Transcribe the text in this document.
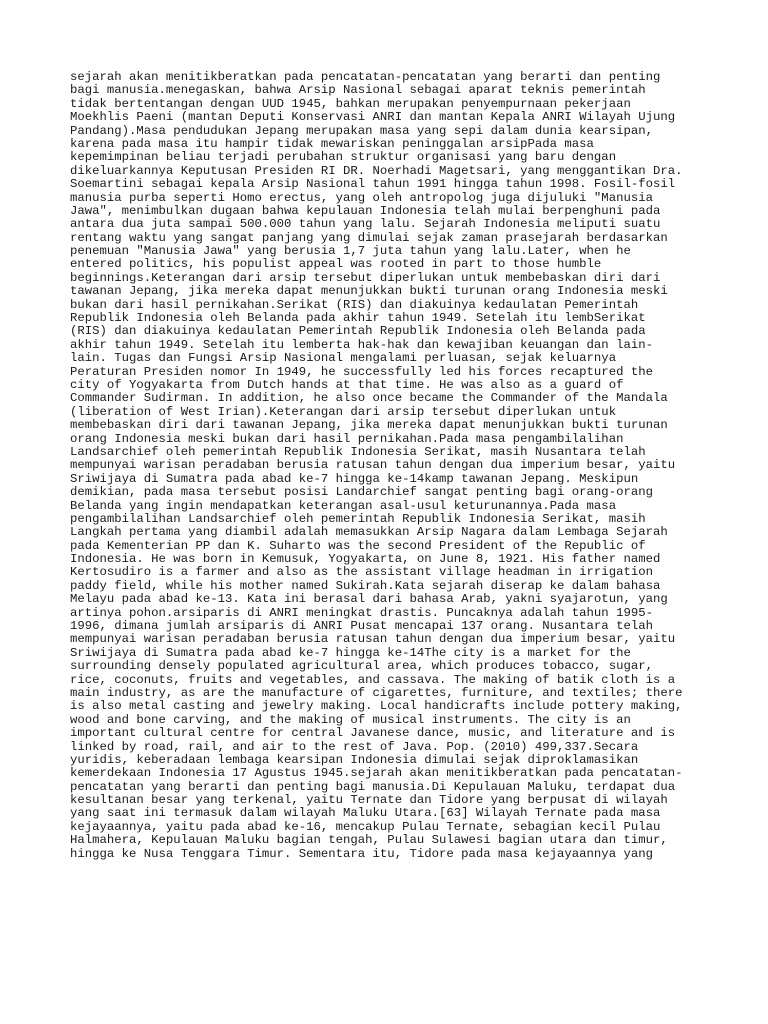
sejarah akan menitikberatkan pada pencatatan-pencatatan yang berarti dan penting
bagi manusia.menegaskan, bahwa Arsip Nasional sebagai aparat teknis pemerintah
tidak bertentangan dengan UUD 1945, bahkan merupakan penyempurnaan pekerjaan
Moekhlis Paeni (mantan Deputi Konservasi ANRI dan mantan Kepala ANRI Wilayah Ujung
Pandang).Masa pendudukan Jepang merupakan masa yang sepi dalam dunia kearsipan,
karena pada masa itu hampir tidak mewariskan peninggalan arsipPada masa
kepemimpinan beliau terjadi perubahan struktur organisasi yang baru dengan
dikeluarkannya Keputusan Presiden RI DR. Noerhadi Magetsari, yang menggantikan Dra.
Soemartini sebagai kepala Arsip Nasional tahun 1991 hingga tahun 1998. Fosil-fosil
manusia purba seperti Homo erectus, yang oleh antropolog juga dijuluki "Manusia
Jawa", menimbulkan dugaan bahwa kepulauan Indonesia telah mulai berpenghuni pada
antara dua juta sampai 500.000 tahun yang lalu. Sejarah Indonesia meliputi suatu
rentang waktu yang sangat panjang yang dimulai sejak zaman prasejarah berdasarkan
penemuan "Manusia Jawa" yang berusia 1,7 juta tahun yang lalu.Later, when he
entered politics, his populist appeal was rooted in part to those humble
beginnings.Keterangan dari arsip tersebut diperlukan untuk membebaskan diri dari
tawanan Jepang, jika mereka dapat menunjukkan bukti turunan orang Indonesia meski
bukan dari hasil pernikahan.Serikat (RIS) dan diakuinya kedaulatan Pemerintah
Republik Indonesia oleh Belanda pada akhir tahun 1949. Setelah itu lembSerikat
(RIS) dan diakuinya kedaulatan Pemerintah Republik Indonesia oleh Belanda pada
akhir tahun 1949. Setelah itu lemberta hak-hak dan kewajiban keuangan dan lain-
lain. Tugas dan Fungsi Arsip Nasional mengalami perluasan, sejak keluarnya
Peraturan Presiden nomor In 1949, he successfully led his forces recaptured the
city of Yogyakarta from Dutch hands at that time. He was also as a guard of
Commander Sudirman. In addition, he also once became the Commander of the Mandala
(liberation of West Irian).Keterangan dari arsip tersebut diperlukan untuk
membebaskan diri dari tawanan Jepang, jika mereka dapat menunjukkan bukti turunan
orang Indonesia meski bukan dari hasil pernikahan.Pada masa pengambilalihan
Landsarchief oleh pemerintah Republik Indonesia Serikat, masih Nusantara telah
mempunyai warisan peradaban berusia ratusan tahun dengan dua imperium besar, yaitu
Sriwijaya di Sumatra pada abad ke-7 hingga ke-14kamp tawanan Jepang. Meskipun
demikian, pada masa tersebut posisi Landarchief sangat penting bagi orang-orang
Belanda yang ingin mendapatkan keterangan asal-usul keturunannya.Pada masa
pengambilalihan Landsarchief oleh pemerintah Republik Indonesia Serikat, masih
Langkah pertama yang diambil adalah memasukkan Arsip Nagara dalam Lembaga Sejarah
pada Kementerian PP dan K. Suharto was the second President of the Republic of
Indonesia. He was born in Kemusuk, Yogyakarta, on June 8, 1921. His father named
Kertosudiro is a farmer and also as the assistant village headman in irrigation
paddy field, while his mother named Sukirah.Kata sejarah diserap ke dalam bahasa
Melayu pada abad ke-13. Kata ini berasal dari bahasa Arab, yakni syajarotun, yang
artinya pohon.arsiparis di ANRI meningkat drastis. Puncaknya adalah tahun 1995-
1996, dimana jumlah arsiparis di ANRI Pusat mencapai 137 orang. Nusantara telah
mempunyai warisan peradaban berusia ratusan tahun dengan dua imperium besar, yaitu
Sriwijaya di Sumatra pada abad ke-7 hingga ke-14The city is a market for the
surrounding densely populated agricultural area, which produces tobacco, sugar,
rice, coconuts, fruits and vegetables, and cassava. The making of batik cloth is a
main industry, as are the manufacture of cigarettes, furniture, and textiles; there
is also metal casting and jewelry making. Local handicrafts include pottery making,
wood and bone carving, and the making of musical instruments. The city is an
important cultural centre for central Javanese dance, music, and literature and is
linked by road, rail, and air to the rest of Java. Pop. (2010) 499,337.Secara
yuridis, keberadaan lembaga kearsipan Indonesia dimulai sejak diproklamasikan
kemerdekaan Indonesia 17 Agustus 1945.sejarah akan menitikberatkan pada pencatatan-
pencatatan yang berarti dan penting bagi manusia.Di Kepulauan Maluku, terdapat dua
kesultanan besar yang terkenal, yaitu Ternate dan Tidore yang berpusat di wilayah
yang saat ini termasuk dalam wilayah Maluku Utara.[63] Wilayah Ternate pada masa
kejayaannya, yaitu pada abad ke-16, mencakup Pulau Ternate, sebagian kecil Pulau
Halmahera, Kepulauan Maluku bagian tengah, Pulau Sulawesi bagian utara dan timur,
hingga ke Nusa Tenggara Timur. Sementara itu, Tidore pada masa kejayaannya yang
